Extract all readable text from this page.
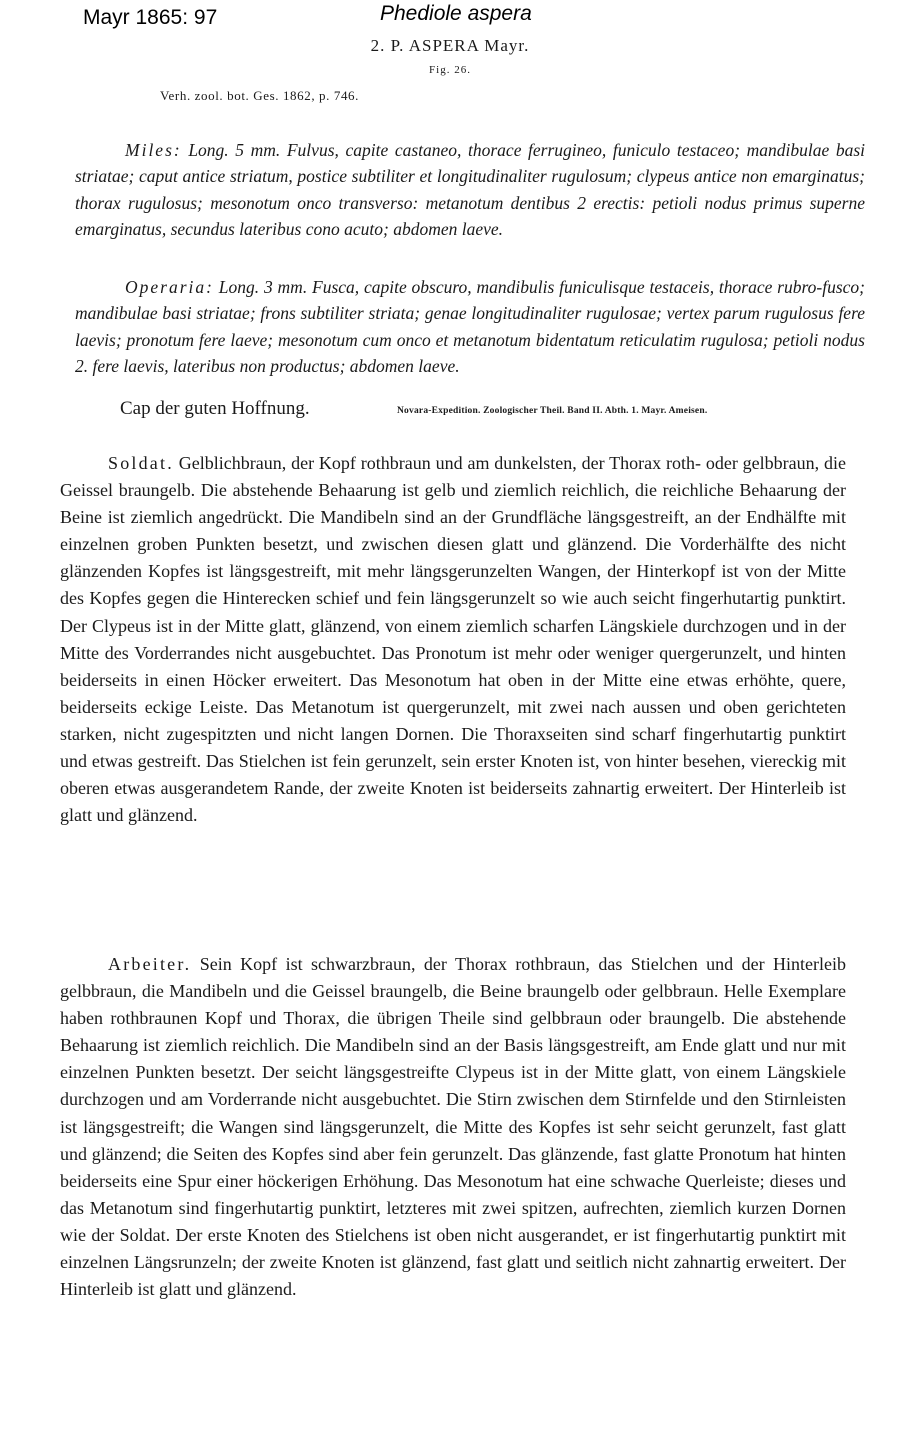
Mayr 1865: 97	Phediole aspera
2. P. ASPERA Mayr.
Fig. 26.
Verh. zool. bot. Ges. 1862, p. 746.

Miles: Long. 5 mm. Fulvus, capite castaneo, thorace ferrugineo, funiculo testaceo; mandibulae basi striatae; caput antice striatum, postice subtiliter et longitudinaliter rugulosum; clypeus antice non emarginatus; thorax rugulosus; mesonotum onco transverso: metanotum dentibus 2 erectis: petioli nodus primus superne emarginatus, secundus lateribus cono acuto; abdomen laeve.

Operaria: Long. 3 mm. Fusca, capite obscuro, mandibulis funiculisque testaceis, thorace rubro-fusco; mandibulae basi striatae; frons subtiliter striata; genae longitudinaliter rugulosae; vertex parum rugulosus fere laevis; pronotum fere laeve; mesonotum cum onco et metanotum bidentatum reticulatim rugulosa; petioli nodus 2. fere laevis, lateribus non productus; abdomen laeve.

Cap der guten Hoffnung.	Novara-Expedition. Zoologischer Theil. Band II. Abth. 1. Mayr. Ameisen.

Soldat. Gelblichbraun, der Kopf rothbraun und am dunkelsten, der Thorax roth- oder gelbbraun, die Geissel braungelb. Die abstehende Behaarung ist gelb und ziemlich reichlich, die reichliche Behaarung der Beine ist ziemlich angedrückt. Die Mandibeln sind an der Grundfläche längsgestreift, an der Endhälfte mit einzelnen groben Punkten besetzt, und zwischen diesen glatt und glänzend. Die Vorderhälfte des nicht glänzenden Kopfes ist längsgestreift, mit mehr längsgerunzelten Wangen, der Hinterkopf ist von der Mitte des Kopfes gegen die Hinterecken schief und fein längsgerunzelt so wie auch seicht fingerhutartig punktirt. Der Clypeus ist in der Mitte glatt, glänzend, von einem ziemlich scharfen Längskiele durchzogen und in der Mitte des Vorderrandes nicht ausgebuchtet. Das Pronotum ist mehr oder weniger quergerunzelt, und hinten beiderseits in einen Höcker erweitert. Das Mesonotum hat oben in der Mitte eine etwas erhöhte, quere, beiderseits eckige Leiste. Das Metanotum ist quergerunzelt, mit zwei nach aussen und oben gerichteten starken, nicht zugespitzten und nicht langen Dornen. Die Thoraxseiten sind scharf fingerhutartig punktirt und etwas gestreift. Das Stielchen ist fein gerunzelt, sein erster Knoten ist, von hinter besehen, viereckig mit oberen etwas ausgerandetem Rande, der zweite Knoten ist beiderseits zahnartig erweitert. Der Hinterleib ist glatt und glänzend.

Arbeiter. Sein Kopf ist schwarzbraun, der Thorax rothbraun, das Stielchen und der Hinterleib gelbbraun, die Mandibeln und die Geissel braungelb, die Beine braungelb oder gelbbraun. Helle Exemplare haben rothbraunen Kopf und Thorax, die übrigen Theile sind gelbbraun oder braungelb. Die abstehende Behaarung ist ziemlich reichlich. Die Mandibeln sind an der Basis längsgestreift, am Ende glatt und nur mit einzelnen Punkten besetzt. Der seicht längsgestreifte Clypeus ist in der Mitte glatt, von einem Längskiele durchzogen und am Vorderrande nicht ausgebuchtet. Die Stirn zwischen dem Stirnfelde und den Stirnleisten ist längsgestreift; die Wangen sind längsgerunzelt, die Mitte des Kopfes ist sehr seicht gerunzelt, fast glatt und glänzend; die Seiten des Kopfes sind aber fein gerunzelt. Das glänzende, fast glatte Pronotum hat hinten beiderseits eine Spur einer höckerigen Erhöhung. Das Mesonotum hat eine schwache Querleiste; dieses und das Metanotum sind fingerhutartig punktirt, letzteres mit zwei spitzen, aufrechten, ziemlich kurzen Dornen wie der Soldat. Der erste Knoten des Stielchens ist oben nicht ausgerandet, er ist fingerhutartig punktirt mit einzelnen Längsrunzeln; der zweite Knoten ist glänzend, fast glatt und seitlich nicht zahnartig erweitert. Der Hinterleib ist glatt und glänzend.
